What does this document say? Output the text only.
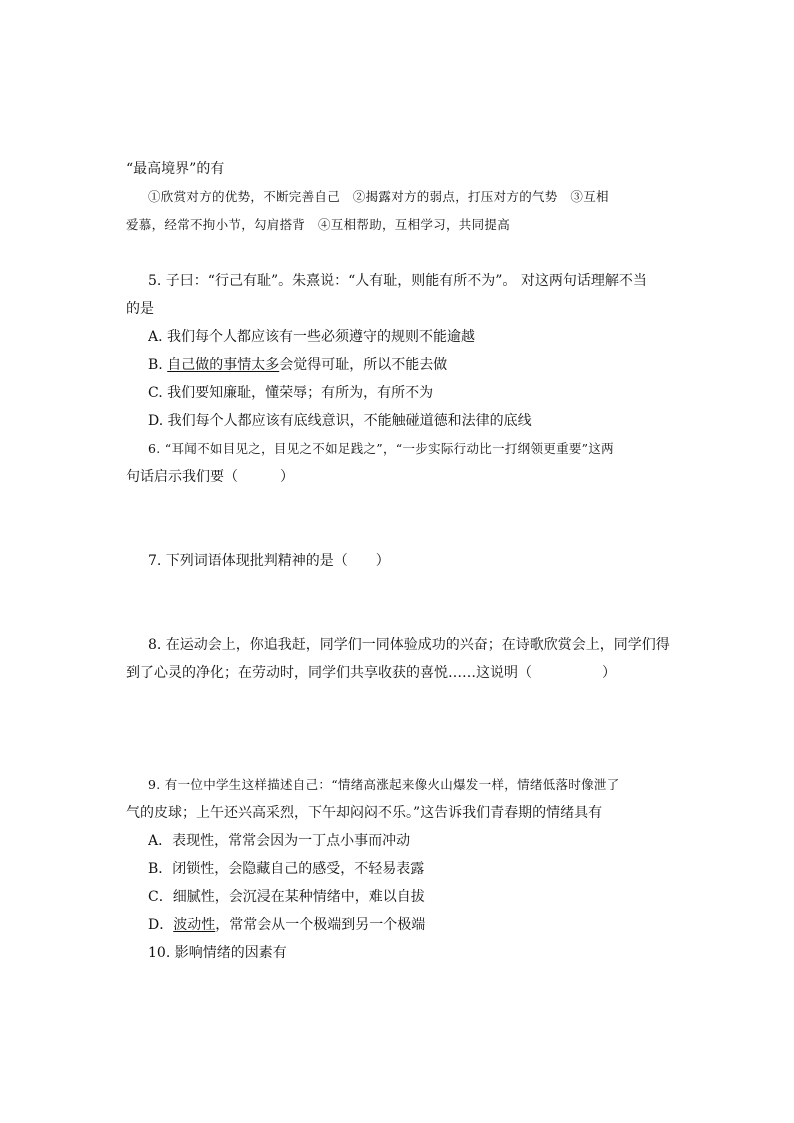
“最高境界”的有
①欣赏对方的优势，不断完善自己　②揭露对方的弱点，打压对方的气势　③互相
爱慕，经常不拘小节，勾肩搭背　④互相帮助，互相学习，共同提高
5. 子曰：“行己有耻”。朱熹说：“人有耻，则能有所不为”。 对这两句话理解不当
的是
A. 我们每个人都应该有一些必须遵守的规则不能逾越
B. 自己做的事情太多会觉得可耻，所以不能去做
C. 我们要知廉耻，懂荣辱；有所为，有所不为
D. 我们每个人都应该有底线意识，不能触碰道德和法律的底线
6. “耳闻不如目见之，目见之不如足践之”，“一步实际行动比一打纲领更重要”这两
句话启示我们要（　　　）
7. 下列词语体现批判精神的是（　　）
8. 在运动会上，你追我赶，同学们一同体验成功的兴奋；在诗歌欣赏会上，同学们得
到了心灵的净化；在劳动时，同学们共享收获的喜悦……这说明（　　　　　）
9. 有一位中学生这样描述自己：“情绪高涨起来像火山爆发一样，情绪低落时像泄了
气的皮球；上午还兴高采烈，下午却闷闷不乐。”这告诉我们青春期的情绪具有
A．表现性，常常会因为一丁点小事而冲动
B．闭锁性，会隐藏自己的感受，不轻易表露
C．细腻性，会沉浸在某种情绪中，难以自拔
D．波动性，常常会从一个极端到另一个极端
10. 影响情绪的因素有
